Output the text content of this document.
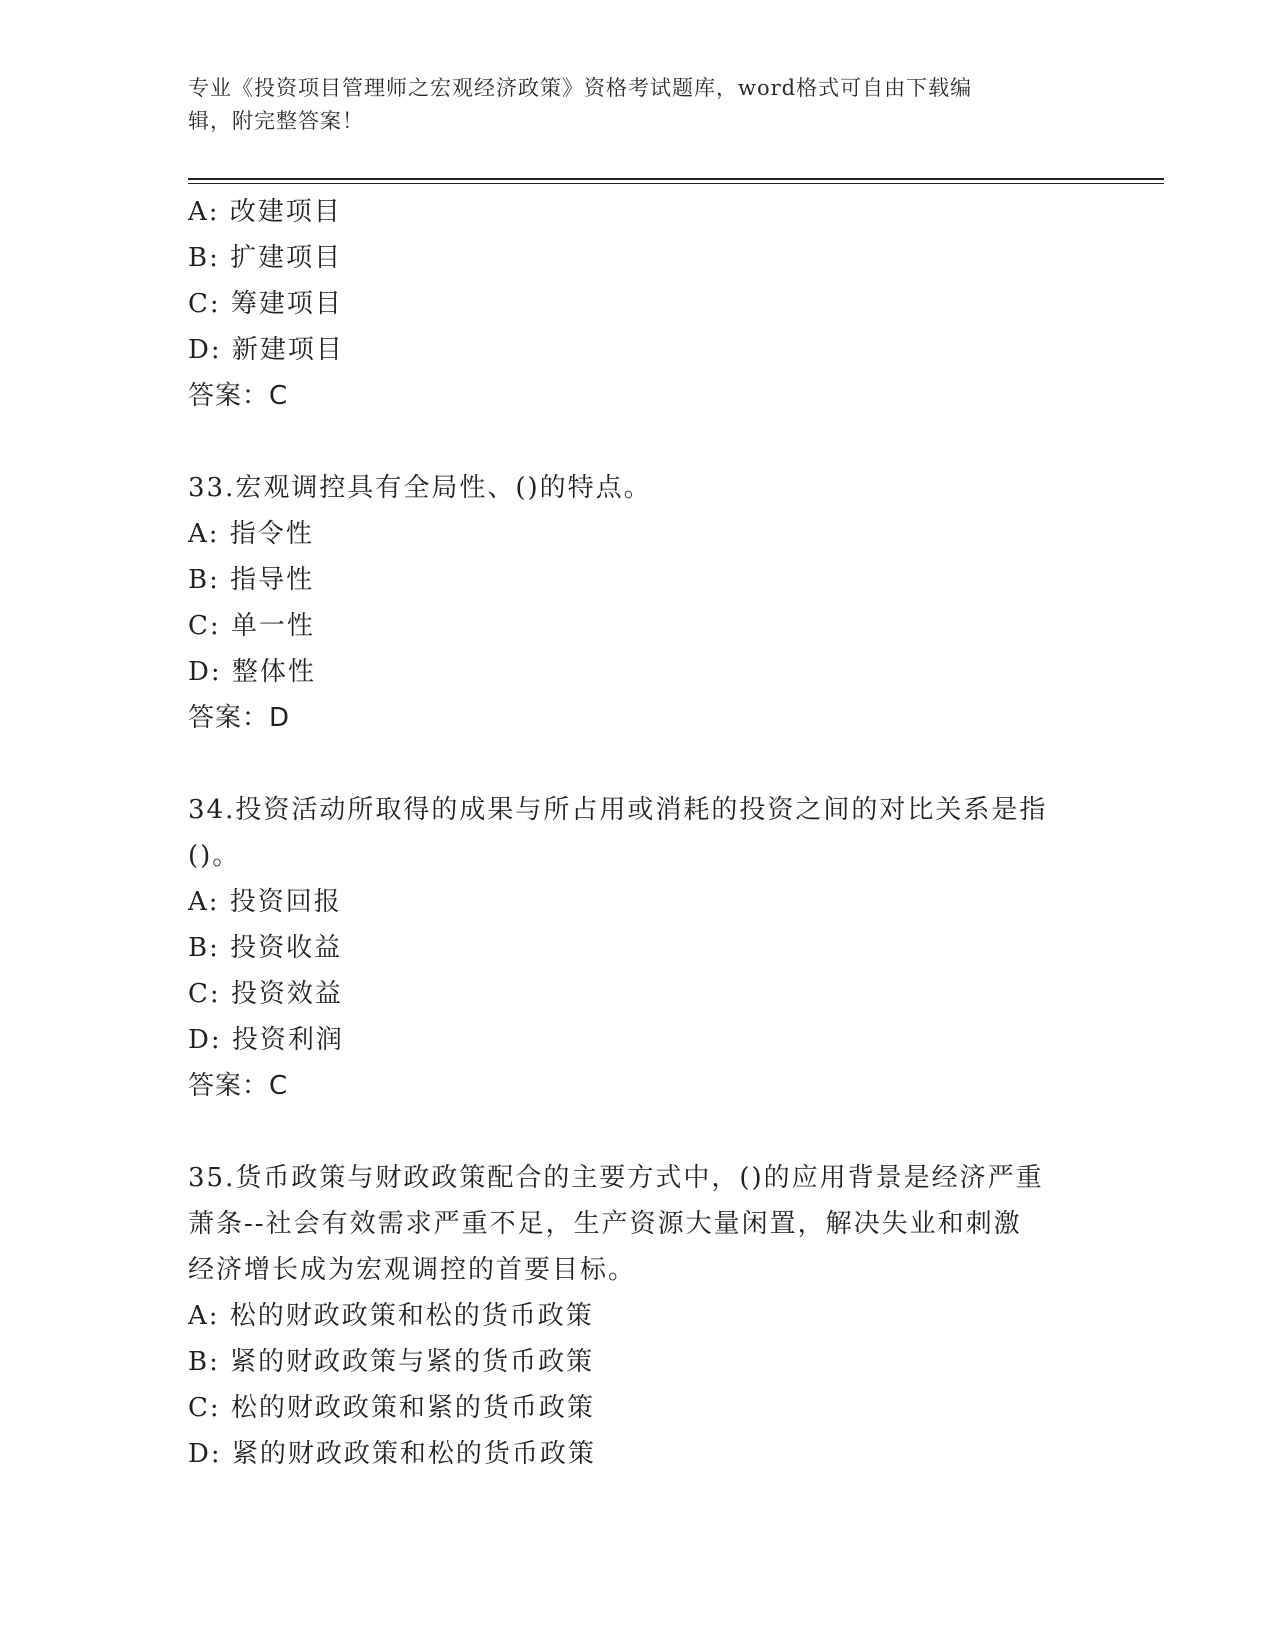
专业《投资项目管理师之宏观经济政策》资格考试题库，word格式可自由下载编
辑，附完整答案！
A: 改建项目
B: 扩建项目
C: 筹建项目
D: 新建项目
答案：C
33.宏观调控具有全局性、()的特点。
A: 指令性
B: 指导性
C: 单一性
D: 整体性
答案：D
34.投资活动所取得的成果与所占用或消耗的投资之间的对比关系是指
()。
A: 投资回报
B: 投资收益
C: 投资效益
D: 投资利润
答案：C
35.货币政策与财政政策配合的主要方式中，()的应用背景是经济严重
萧条--社会有效需求严重不足，生产资源大量闲置，解决失业和刺激
经济增长成为宏观调控的首要目标。
A: 松的财政政策和松的货币政策
B: 紧的财政政策与紧的货币政策
C: 松的财政政策和紧的货币政策
D: 紧的财政政策和松的货币政策
